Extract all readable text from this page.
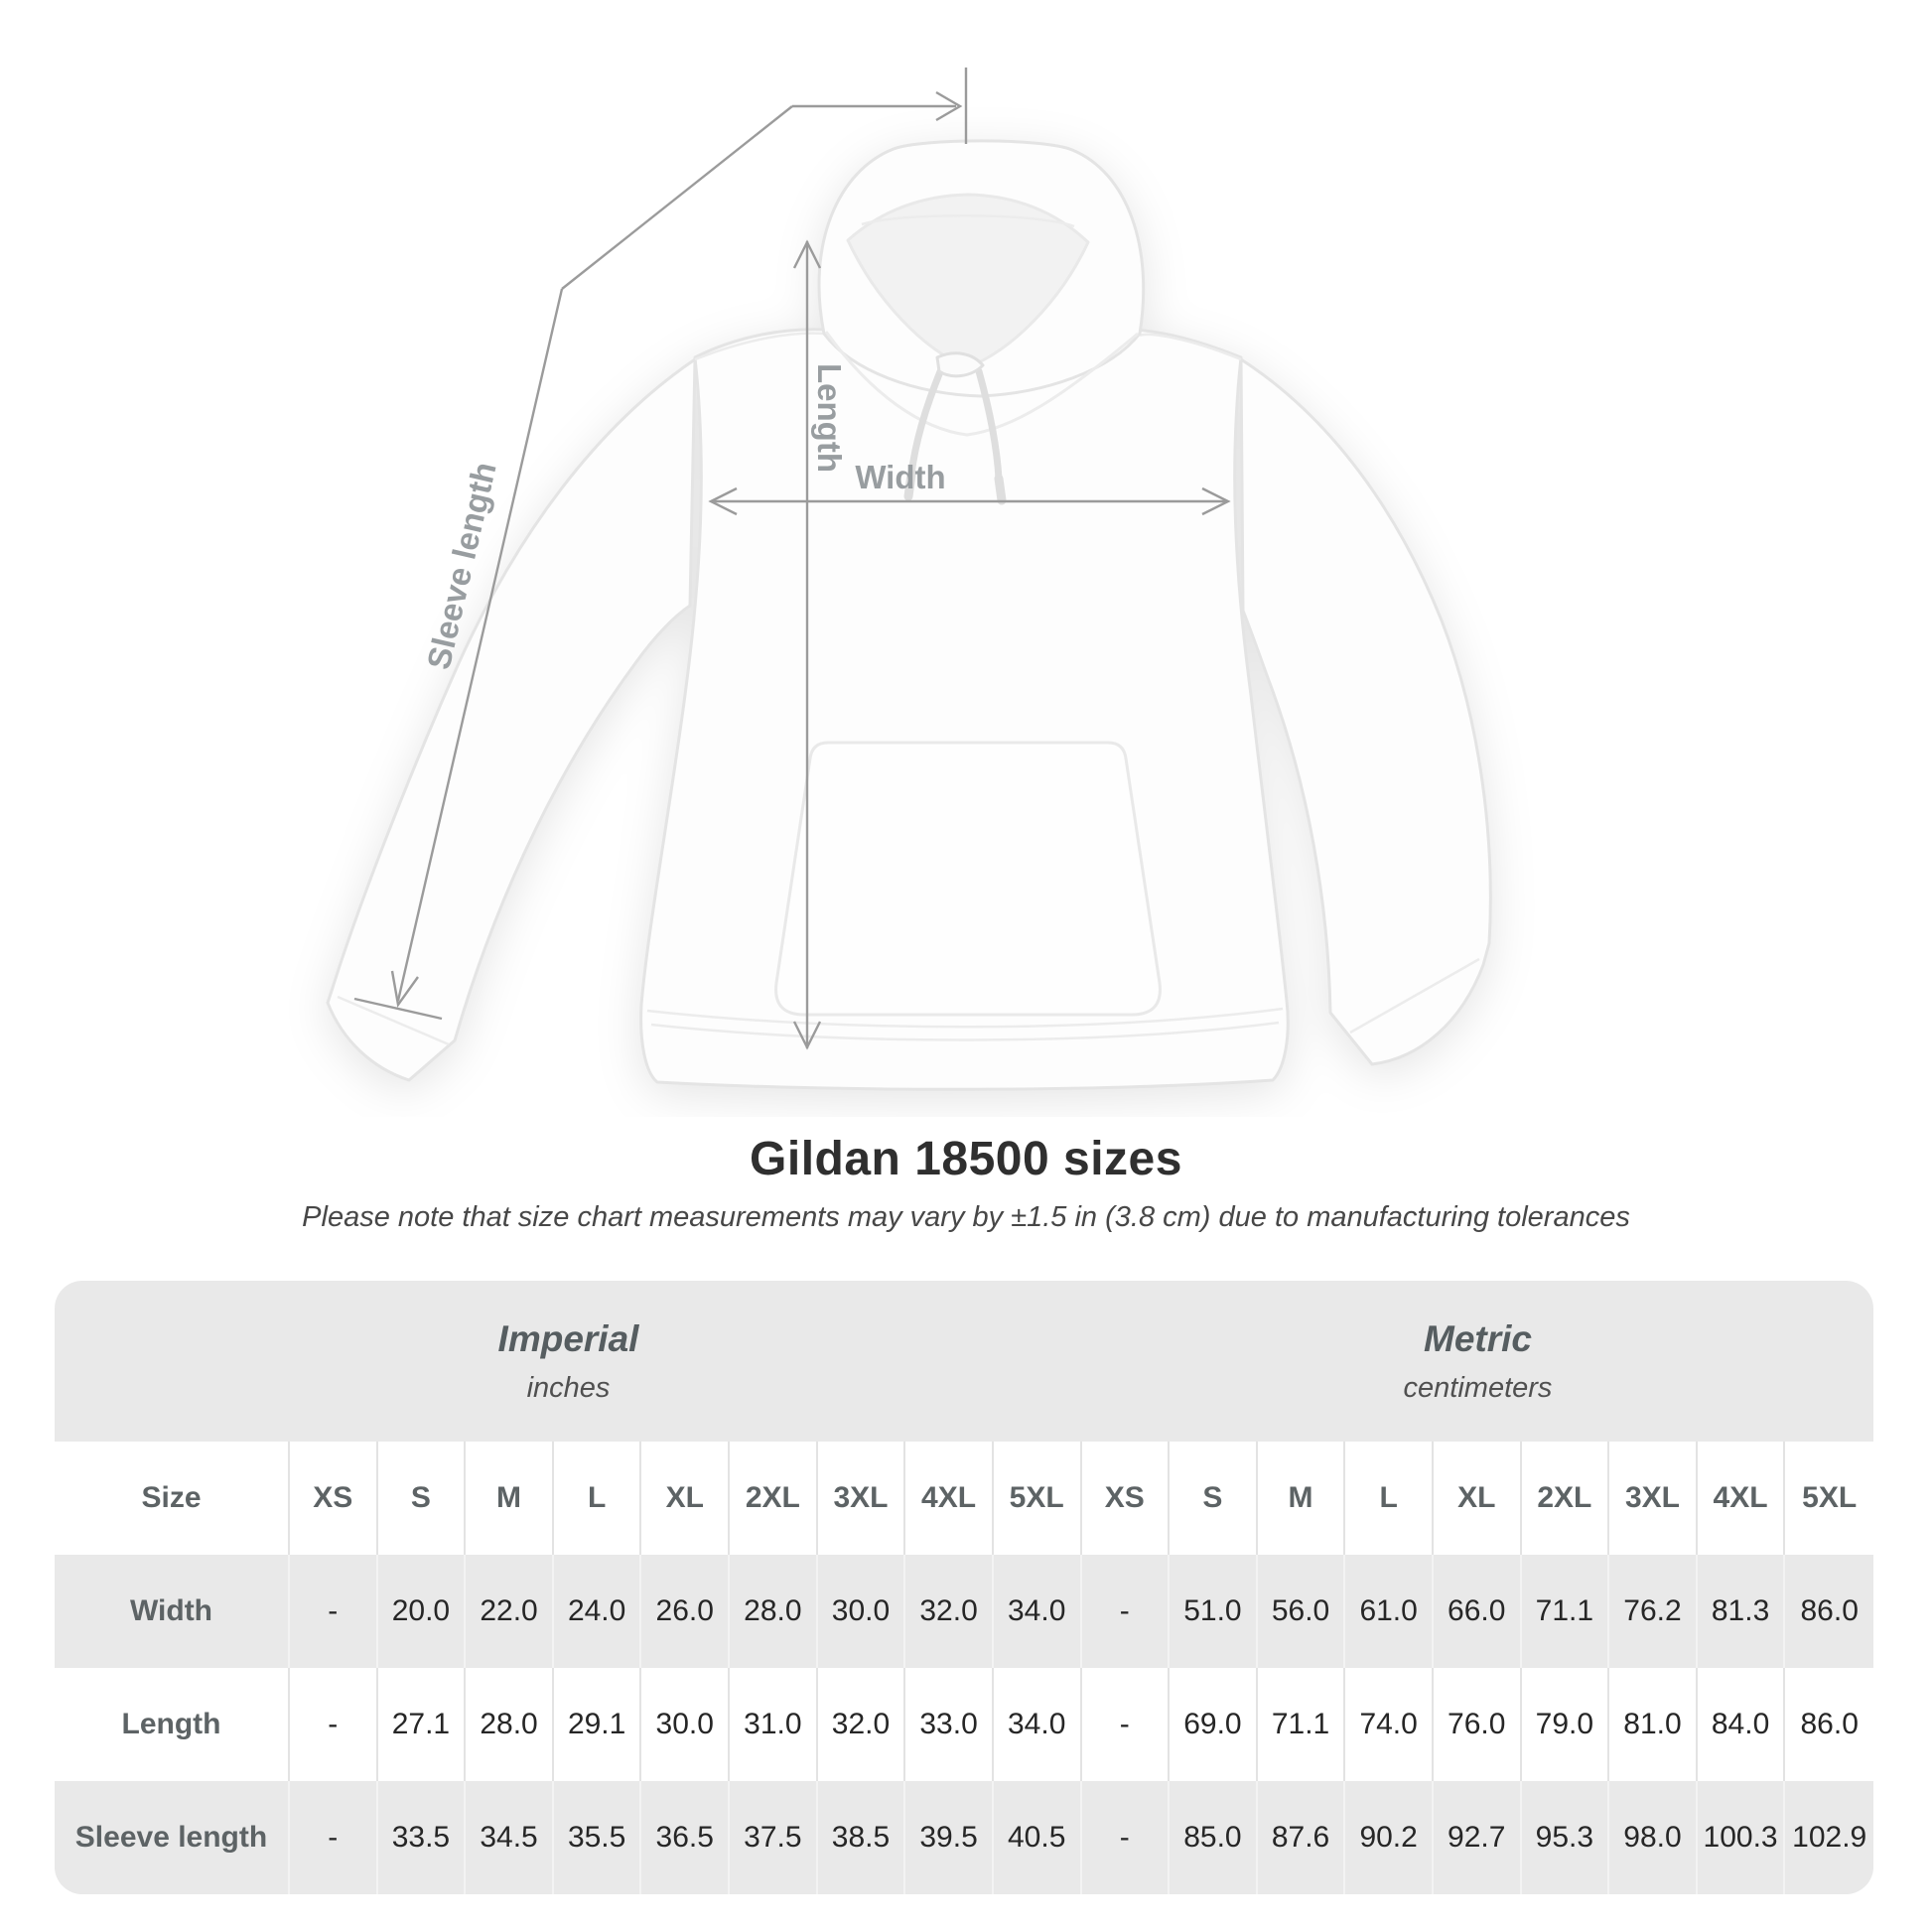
Sleeve length
Length
Width
Gildan 18500 sizes

Please note that size chart measurements may vary by ±1.5 in (3.8 cm) due to manufacturing tolerances

Imperial
inches
Metric
centimeters
Size	XS	S	M	L	XL	2XL	3XL	4XL	5XL	XS	S	M	L	XL	2XL	3XL	4XL	5XL
Width	-	20.0	22.0	24.0	26.0	28.0	30.0	32.0	34.0	-	51.0	56.0	61.0	66.0	71.1	76.2	81.3	86.0
Length	-	27.1	28.0	29.1	30.0	31.0	32.0	33.0	34.0	-	69.0	71.1	74.0	76.0	79.0	81.0	84.0	86.0
Sleeve length	-	33.5	34.5	35.5	36.5	37.5	38.5	39.5	40.5	-	85.0	87.6	90.2	92.7	95.3	98.0 100.3 102.9
